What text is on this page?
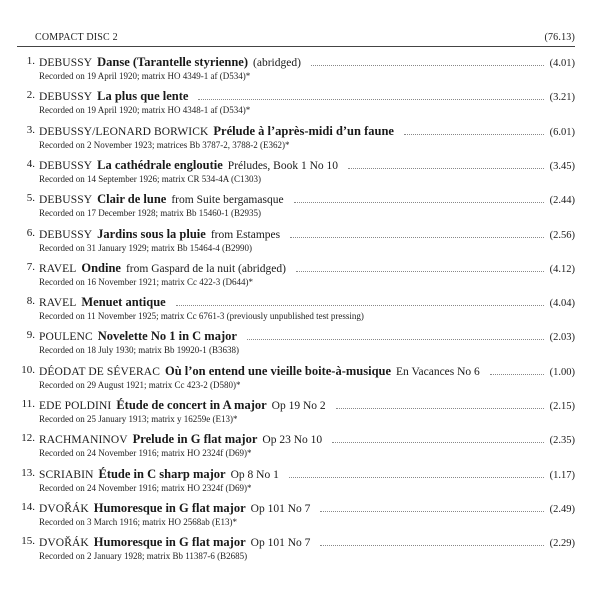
COMPACT DISC 2	(76.13)
1. DEBUSSY Danse (Tarantelle styrienne) (abridged)	(4.01)
Recorded on 19 April 1920; matrix HO 4349-1 af (D534)*
2. DEBUSSY La plus que lente	(3.21)
Recorded on 19 April 1920; matrix HO 4348-1 af (D534)*
3. DEBUSSY/LEONARD BORWICK Prélude à l’après-midi d’un faune	(6.01)
Recorded on 2 November 1923; matrices Bb 3787-2, 3788-2 (E362)*
4. DEBUSSY La cathédrale engloutie Préludes, Book 1 No 10	(3.45)
Recorded on 14 September 1926; matrix CR 534-4A (C1303)
5. DEBUSSY Clair de lune from Suite bergamasque	(2.44)
Recorded on 17 December 1928; matrix Bb 15460-1 (B2935)
6. DEBUSSY Jardins sous la pluie from Estampes	(2.56)
Recorded on 31 January 1929; matrix Bb 15464-4 (B2990)
7. RAVEL Ondine from Gaspard de la nuit (abridged)	(4.12)
Recorded on 16 November 1921; matrix Cc 422-3 (D644)*
8. RAVEL Menuet antique	(4.04)
Recorded on 11 November 1925; matrix Cc 6761-3 (previously unpublished test pressing)
9. POULENC Novelette No 1 in C major	(2.03)
Recorded on 18 July 1930; matrix Bb 19920-1 (B3638)
10. DÉODAT DE SÉVERAC Où l’on entend une vieille boite-à-musique En Vacances No 6	(1.00)
Recorded on 29 August 1921; matrix Cc 423-2 (D580)*
11. EDE POLDINI Étude de concert in A major Op 19 No 2	(2.15)
Recorded on 25 January 1913; matrix y 16259e (E13)*
12. RACHMANINOV Prelude in G flat major Op 23 No 10	(2.35)
Recorded on 24 November 1916; matrix HO 2324f (D69)*
13. SCRIABIN Étude in C sharp major Op 8 No 1	(1.17)
Recorded on 24 November 1916; matrix HO 2324f (D69)*
14. DVOŘÁK Humoresque in G flat major Op 101 No 7	(2.49)
Recorded on 3 March 1916; matrix HO 2568ab (E13)*
15. DVOŘÁK Humoresque in G flat major Op 101 No 7	(2.29)
Recorded on 2 January 1928; matrix Bb 11387-6 (B2685)
